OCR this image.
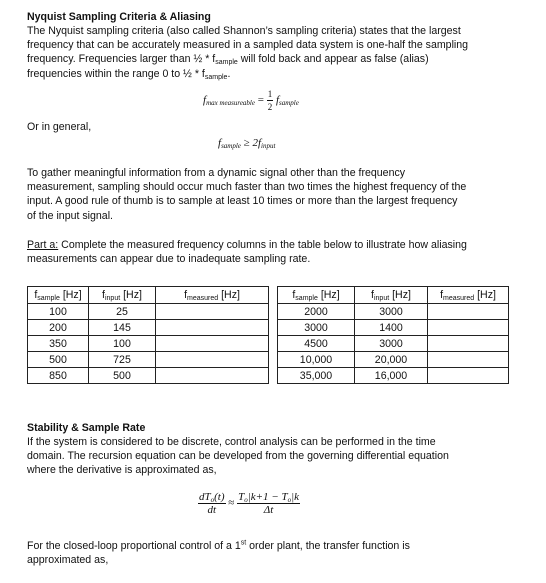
Nyquist Sampling Criteria & Aliasing
The Nyquist sampling criteria (also called Shannon’s sampling criteria) states that the largest
frequency that can be accurately measured in a sampled data system is one-half the sampling
frequency. Frequencies larger than ½ * $f_{sample}$ will fold back and appear as false (alias)
frequencies within the range 0 to ½ * $f_{sample}$.
$f_{max measureable} = \frac{1}{2} f_{sample}$
Or in general,
$f_{sample} \ge 2f_{input}$
To gather meaningful information from a dynamic signal other than the frequency
measurement, sampling should occur much faster than two times the highest frequency of the
input. A good rule of thumb is to sample at least 10 times or more than the largest frequency
of the input signal.
Part a: Complete the measured frequency columns in the table below to illustrate how aliasing
measurements can appear due to inadequate sampling rate.
$f_{sample}$ [Hz]	$f_{input}$ [Hz]	$f_{measured}$ [Hz]
100	25	
200	145	
350	100	
500	725	
850	500	
$f_{sample}$ [Hz]	$f_{input}$ [Hz]	$f_{measured}$ [Hz]
2000	3000	
3000	1400	
4500	3000	
10,000	20,000	
35,000	16,000	
Stability & Sample Rate
If the system is considered to be discrete, control analysis can be performed in the time
domain. The recursion equation can be developed from the governing differential equation
where the derivative is approximated as,
$\frac{dT_o(t)}{dt} \approx \frac{T_o|k+1 - T_o|k}{\Delta t}$
For the closed-loop proportional control of a 1st order plant, the transfer function is
approximated as,
